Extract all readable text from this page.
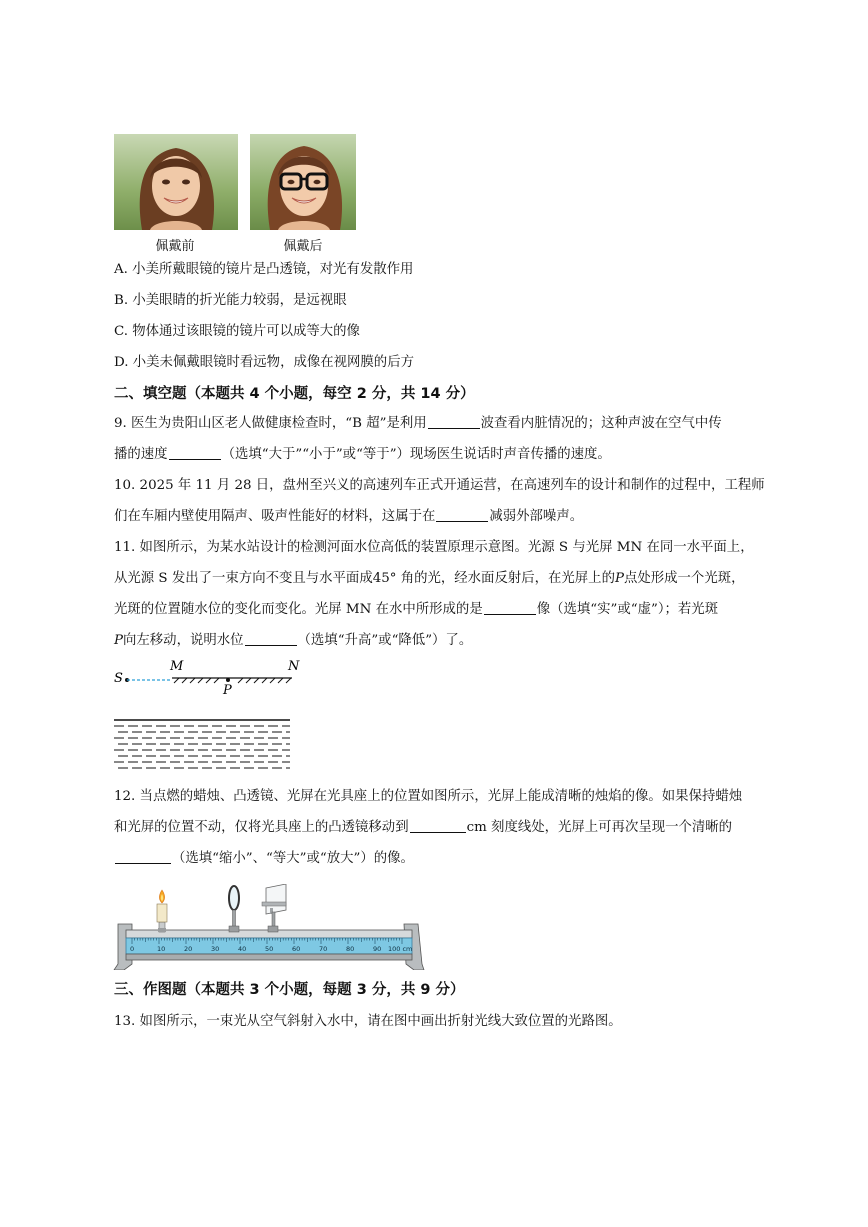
佩戴前	佩戴后
A. 小美所戴眼镜的镜片是凸透镜，对光有发散作用
B. 小美眼睛的折光能力较弱，是远视眼
C. 物体通过该眼镜的镜片可以成等大的像
D. 小美未佩戴眼镜时看远物，成像在视网膜的后方
二、填空题（本题共 4 个小题，每空 2 分，共 14 分）
9. 医生为贵阳山区老人做健康检查时，“B 超”是利用	波查看内脏情况的；这种声波在空气中传
播的速度	（选填“大于”“小于”或“等于”）现场医生说话时声音传播的速度。
10. 2025 年 11 月 28 日，盘州至兴义的高速列车正式开通运营，在高速列车的设计和制作的过程中，工程师
们在车厢内壁使用隔声、吸声性能好的材料，这属于在	减弱外部噪声。
11. 如图所示，为某水站设计的检测河面水位高低的装置原理示意图。光源 S 与光屏 MN 在同一水平面上，
从光源 S 发出了一束方向不变且与水平面成45° 角的光，经水面反射后，在光屏上的P点处形成一个光斑，
光斑的位置随水位的变化而变化。光屏 MN 在水中所形成的是	像（选填“实”或“虚”）；若光斑
P向左移动，说明水位	（选填“升高”或“降低”）了。
S
M	N
P
12. 当点燃的蜡烛、凸透镜、光屏在光具座上的位置如图所示，光屏上能成清晰的烛焰的像。如果保持蜡烛
和光屏的位置不动，仅将光具座上的凸透镜移动到	cm 刻度线处，光屏上可再次呈现一个清晰的
（选填“缩小”、“等大”或“放大”）的像。
0	10	20	30	40	50	60	70	80	90 100 cm
三、作图题（本题共 3 个小题，每题 3 分，共 9 分）
13. 如图所示，一束光从空气斜射入水中，请在图中画出折射光线大致位置的光路图。
